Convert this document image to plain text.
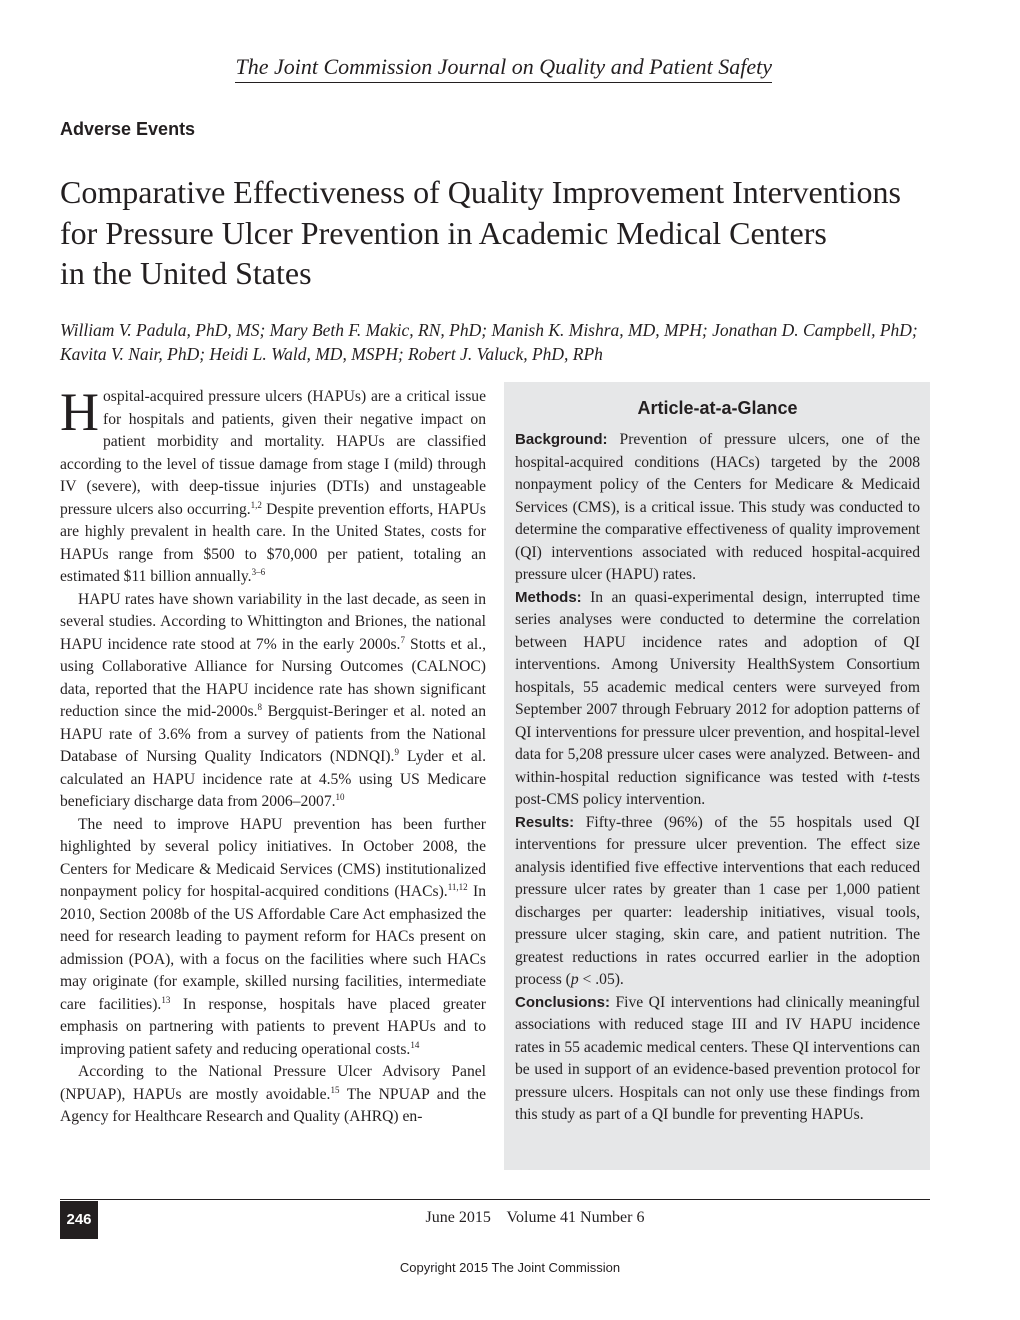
The Joint Commission Journal on Quality and Patient Safety
Adverse Events
Comparative Effectiveness of Quality Improvement Interventions
for Pressure Ulcer Prevention in Academic Medical Centers
in the United States

William V. Padula, PhD, MS; Mary Beth F. Makic, RN, PhD; Manish K. Mishra, MD, MPH; Jonathan D. Campbell, PhD;
Kavita V. Nair, PhD; Heidi L. Wald, MD, MSPH; Robert J. Valuck, PhD, RPh

Hospital-acquired pressure ulcers (HAPUs) are a critical issue for hospitals and patients, given their negative impact on patient morbidity and mortality. HAPUs are classified according to the level of tissue damage from stage I (mild) through IV (severe), with deep-tissue injuries (DTIs) and unstageable pressure ulcers also occurring.$^{1,2}$ Despite prevention efforts, HAPUs are highly prevalent in health care. In the United States, costs for HAPUs range from $500 to $70,000 per patient, totaling an estimated $11 billion annually.$^{3-6}$

HAPU rates have shown variability in the last decade, as seen in several studies. According to Whittington and Briones, the national HAPU incidence rate stood at 7% in the early 2000s.$^7$ Stotts et al., using Collaborative Alliance for Nursing Outcomes (CALNOC) data, reported that the HAPU incidence rate has shown significant reduction since the mid-2000s.$^8$ Bergquist-Beringer et al. noted an HAPU rate of 3.6% from a survey of patients from the National Database of Nursing Quality Indicators (NDNQI).$^9$ Lyder et al. calculated an HAPU incidence rate at 4.5% using US Medicare beneficiary discharge data from 2006–2007.10

The need to improve HAPU prevention has been further highlighted by several policy initiatives. In October 2008, the Centers for Medicare & Medicaid Services (CMS) institutionalized nonpayment policy for hospital-acquired conditions (HACs).$^{11,12}$ In 2010, Section 2008b of the US Affordable Care Act emphasized the need for research leading to payment reform for HACs present on admission (POA), with a focus on the facilities where such HACs may originate (for example, skilled nursing facilities, intermediate care facilities).$^{13}$ In response, hospitals have placed greater emphasis on partnering with patients to prevent HAPUs and to improving patient safety and reducing operational costs.$^{14}$

According to the National Pressure Ulcer Advisory Panel (NPUAP), HAPUs are mostly avoidable.$^{15}$ The NPUAP and the Agency for Healthcare Research and Quality (AHRQ) en-

Article-at-a-Glance

Background: Prevention of pressure ulcers, one of the hospital-acquired conditions (HACs) targeted by the 2008 nonpayment policy of the Centers for Medicare & Medicaid Services (CMS), is a critical issue. This study was conducted to determine the comparative effectiveness of quality improvement (QI) interventions associated with reduced hospital-acquired pressure ulcer (HAPU) rates.

Methods: In an quasi-experimental design, interrupted time series analyses were conducted to determine the correlation between HAPU incidence rates and adoption of QI interventions. Among University HealthSystem Consortium hospitals, 55 academic medical centers were surveyed from September 2007 through February 2012 for adoption patterns of QI interventions for pressure ulcer prevention, and hospital-level data for 5,208 pressure ulcer cases were analyzed. Between- and within-hospital reduction significance was tested with t-tests post-CMS policy intervention.

Results: Fifty-three (96%) of the 55 hospitals used QI interventions for pressure ulcer prevention. The effect size analysis identified five effective interventions that each reduced pressure ulcer rates by greater than 1 case per 1,000 patient discharges per quarter: leadership initiatives, visual tools, pressure ulcer staging, skin care, and patient nutrition. The greatest reductions in rates occurred earlier in the adoption process (p < .05).

Conclusions: Five QI interventions had clinically meaningful associations with reduced stage III and IV HAPU incidence rates in 55 academic medical centers. These QI interventions can be used in support of an evidence-based prevention protocol for pressure ulcers. Hospitals can not only use these findings from this study as part of a QI bundle for preventing HAPUs.

246	June 2015    Volume 41 Number 6
Copyright 2015 The Joint Commission
